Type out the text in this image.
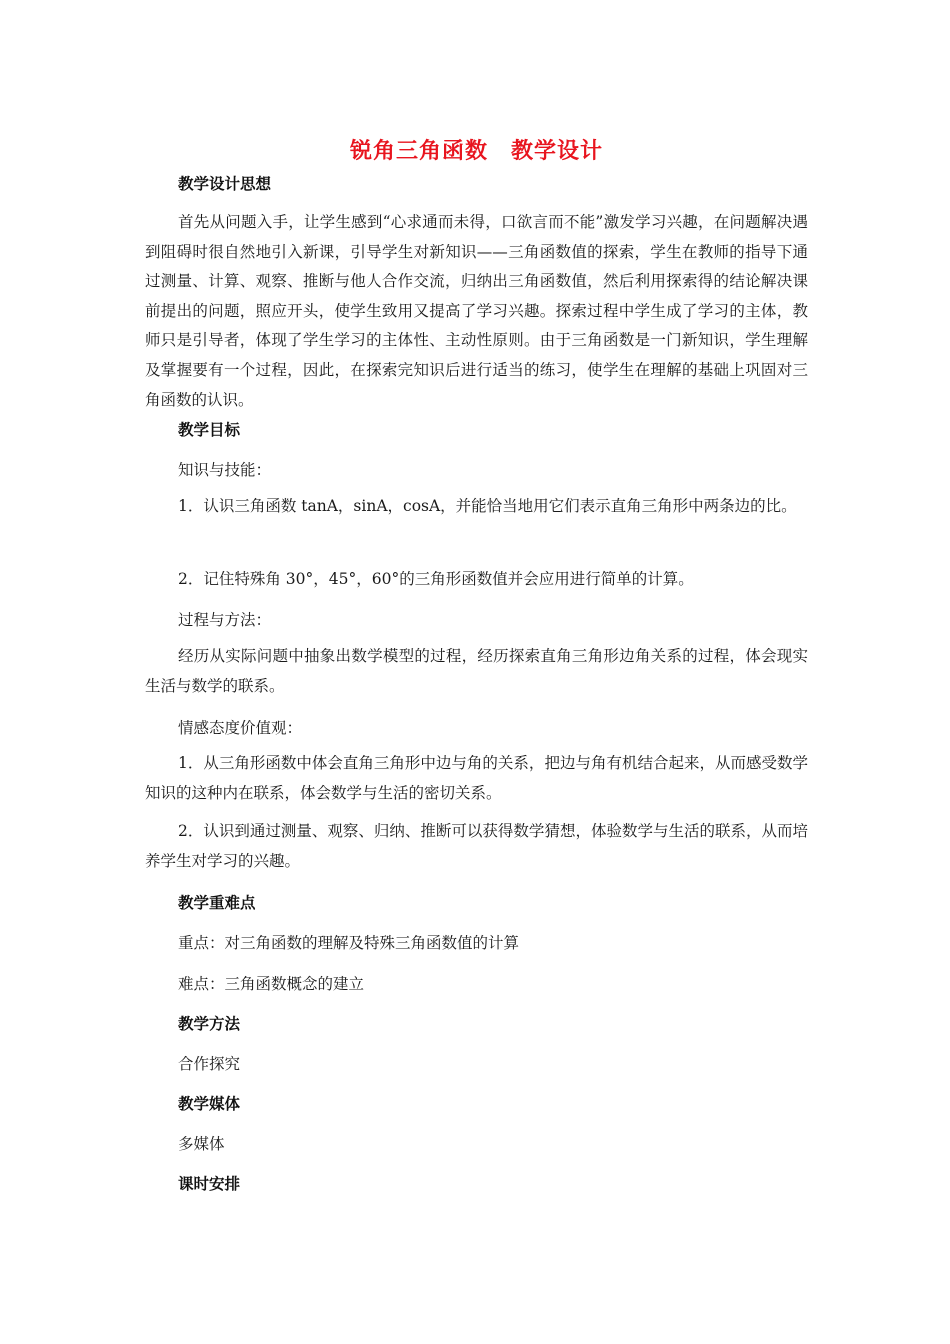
锐角三角函数　教学设计
教学设计思想
首先从问题入手，让学生感到“心求通而未得，口欲言而不能”激发学习兴趣，在问题解决遇到阻碍时很自然地引入新课，引导学生对新知识——三角函数值的探索，学生在教师的指导下通过测量、计算、观察、推断与他人合作交流，归纳出三角函数值，然后利用探索得的结论解决课前提出的问题，照应开头，使学生致用又提高了学习兴趣。探索过程中学生成了学习的主体，教师只是引导者，体现了学生学习的主体性、主动性原则。由于三角函数是一门新知识，学生理解及掌握要有一个过程，因此，在探索完知识后进行适当的练习，使学生在理解的基础上巩固对三角函数的认识。
教学目标
知识与技能：
1．认识三角函数 tanA，sinA，cosA，并能恰当地用它们表示直角三角形中两条边的比。
2．记住特殊角 30°，45°，60°的三角形函数值并会应用进行简单的计算。
过程与方法：
经历从实际问题中抽象出数学模型的过程，经历探索直角三角形边角关系的过程，体会现实生活与数学的联系。
情感态度价值观：
1．从三角形函数中体会直角三角形中边与角的关系，把边与角有机结合起来，从而感受数学知识的这种内在联系，体会数学与生活的密切关系。
2．认识到通过测量、观察、归纳、推断可以获得数学猜想，体验数学与生活的联系，从而培养学生对学习的兴趣。
教学重难点
重点：对三角函数的理解及特殊三角函数值的计算
难点：三角函数概念的建立
教学方法
合作探究
教学媒体
多媒体
课时安排
